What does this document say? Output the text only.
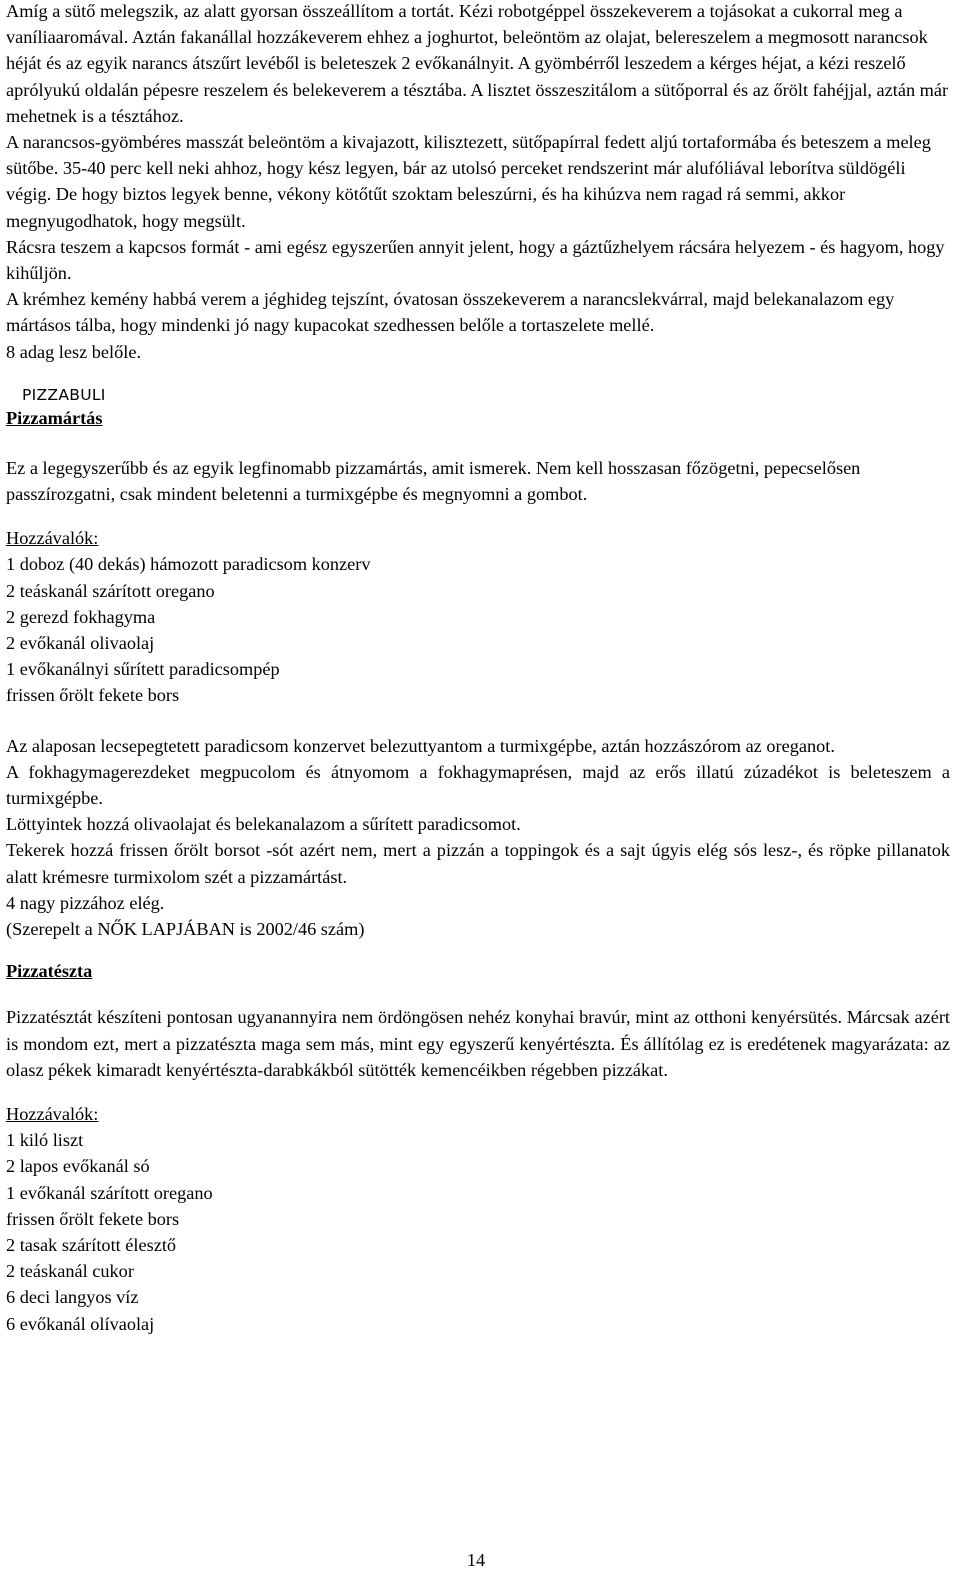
Amíg a sütő melegszik, az alatt gyorsan összeállítom a tortát. Kézi robotgéppel összekeverem a tojásokat a cukorral meg a vaníliaaromával. Aztán fakanállal hozzákeverem ehhez a joghurtot, beleöntöm az olajat, belereszelem a megmosott narancsok héját és az egyik narancs átszűrt levéből is beleteszek 2 evőkanálnyit. A gyömbérről leszedem a kérges héjat, a kézi reszelő aprólyukú oldalán pépesre reszelem és belekeverem a tésztába. A lisztet összeszitálom a sütőporral és az őrölt fahéjjal, aztán már mehetnek is a tésztához.

A narancsos-gyömbéres masszát beleöntöm a kivajazott, kilisztezett, sütőpapírral fedett aljú tortaformába és beteszem a meleg sütőbe. 35-40 perc kell neki ahhoz, hogy kész legyen, bár az utolsó perceket rendszerint már alufóliával leborítva süldögéli végig. De hogy biztos legyek benne, vékony kötőtűt szoktam beleszúrni, és ha kihúzva nem ragad rá semmi, akkor megnyugodhatok, hogy megsült.

Rácsra teszem a kapcsos formát - ami egész egyszerűen annyit jelent, hogy a gáztűzhelyem rácsára helyezem - és hagyom, hogy kihűljön.

A krémhez kemény habbá verem a jéghideg tejszínt, óvatosan összekeverem a narancslekvárral, majd belekanalazom egy mártásos tálba, hogy mindenki jó nagy kupacokat szedhessen belőle a tortaszelete mellé.

8 adag lesz belőle.

PIZZABULI

Pizzamártás

Ez a legegyszerűbb és az egyik legfinomabb pizzamártás, amit ismerek. Nem kell hosszasan főzögetni, pepecselősen passzírozgatni, csak mindent beletenni a turmixgépbe és megnyomni a gombot.

Hozzávalók:

1 doboz (40 dekás) hámozott paradicsom konzerv
2 teáskanál szárított oregano
2 gerezd fokhagyma
2 evőkanál olivaolaj
1 evőkanálnyi sűrített paradicsompép
frissen őrölt fekete bors

Az alaposan lecsepegtetett paradicsom konzervet belezuttyantom a turmixgépbe, aztán hozzászórom az oreganot.

A fokhagymagerezdeket megpucolom és átnyomom a fokhagymaprésen, majd az erős illatú zúzadékot is beleteszem a turmixgépbe.

Löttyintek hozzá olivaolajat és belekanalazom a sűrített paradicsomot.

Tekerek hozzá frissen őrölt borsot -sót azért nem, mert a pizzán a toppingok és a sajt úgyis elég sós lesz-, és röpke pillanatok alatt krémesre turmixolom szét a pizzamártást.

4 nagy pizzához elég.

(Szerepelt a NŐK LAPJÁBAN is 2002/46 szám)

Pizzatészta

Pizzatésztát készíteni pontosan ugyanannyira nem ördöngösen nehéz konyhai bravúr, mint az otthoni kenyérsütés. Márcsak azért is mondom ezt, mert a pizzatészta maga sem más, mint egy egyszerű kenyértészta. És állítólag ez is eredétenek magyarázata: az olasz pékek kimaradt kenyértészta-darabkákból sütötték kemencéikben régebben pizzákat.

Hozzávalók:

1 kiló liszt
2 lapos evőkanál só
1 evőkanál szárított oregano
frissen őrölt fekete bors
2 tasak szárított élesztő
2 teáskanál cukor
6 deci langyos víz
6 evőkanál olívaolaj
14
